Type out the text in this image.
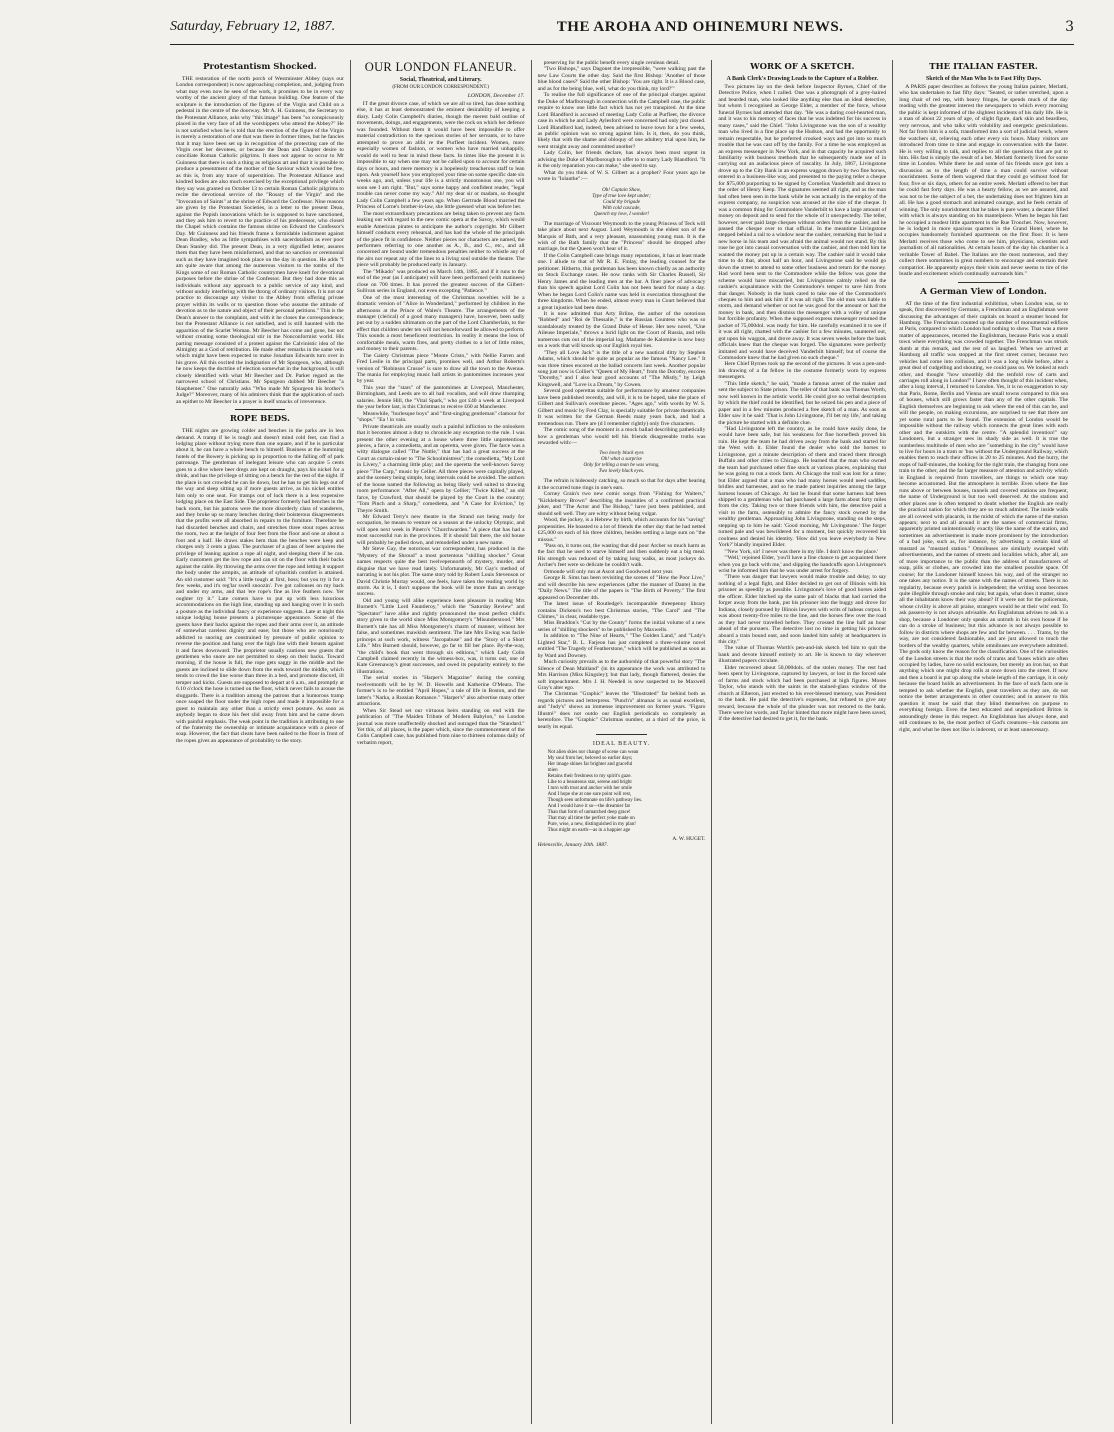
Saturday, February 12, 1887.	THE AROHA AND OHINEMURI NEWS.	3
Protestantism Shocked.

THE restoration of the north porch of Westminster Abbey (says our London correspondent) is now approaching completion, and, judging from what may even now be seen of the work, it promises to be in every way worthy of the ancient glory of that famous building. One feature of the sculpture is the introduction of the figures of the Virgin and Child on a pedestal in the centre of the doorway. Mr A. H. Guinness, the Secretary to the Protestant Alliance, asks why "this image" has been "so conspicuously placed in the very face of all the worshippers who attend the Abbey?" He is not satisfied when he is told that the erection of the figure of the Virgin is merely a restoration of one that was there in former times, but he fancies that it may have been set up in recognition of the protecting care of the Virgin over her devotees, or because the Dean and Chapter desire to conciliate Roman Catholic pilgrims. It does not appear to occur to Mr Guinness that there is such a thing as religious art and that it is possible to produce a presentment of the mother of the Saviour which would be free, as this is, from any trace of superstition. The Protestant Alliance and kindred bodies are also much exercised by the exceptional privilege which they say was granted on October 13 to certain Roman Catholic pilgrims to recite the devotional service of the "Rosary of the Virgin" and the "Invocation of Saints" at the shrine of Edward the Confessor. Nine reasons are given by the Protestant Societies, in a letter to the present Dean, against the Popish innovations which he is supposed to have sanctioned, and they ask him to revert to the practice of his predecessor, who closed the Chapel which contains the famous shrine on Edward the Confessor's Day. Mr Guinness and his friends frame a formidable indictment against Dean Bradley, who as little sympathises with sacerdotalism as ever poor Dean Stanley did. The present Dean, in a very dignified letter, assures them that they have been misinformed, and that no sanction or ceremonial such as they have imagined took place on the day in question. He adds "I am quite aware that among the numerous visitors to the tombs of the Kings some of our Roman Catholic countrymen have knelt for devotional purposes before the shrine of the Confessor. But they had done this as individuals without any approach to a public service of any kind, and without unduly interfering with the throng of ordinary visitors. It is not our practice to discourage any visitor to the Abbey from offering private prayer within its walls or to question those who assume the attitude of devotion as to the nature and object of their personal petitions." This is the Dean's answer to the complaint, and with it he closes the correspondence; but the Protestant Alliance is not satisfied, and is still haunted with the apparition of the Scarlet Woman. Mr Beecher has come and gone, but not without creating some theological stir in the Nonconformist world. His parting message consisted of a protest against the Calvinistic idea of the Almighty as a God of retribution. He made other remarks in the same vein which might have been expected to make Jonathan Edwards turn over in his grave. All this excited the indignation of Mr Spurgeon, who, although he now keeps the doctrine of election somewhat in the background, is still closely identified with what Mr Beecher and Dr. Parker regard as the narrowest school of Christians. Mr Spurgeon dubbed Mr Beecher "a blasphemer." One naturally asks "Who made Mr Spurgeon his brother's Judge?" Moreover, many of his admirers think that the application of such an epithet to Mr Beecher in a prayer is itself smacks of irreverence.

ROPE BEDS.

THE nights are growing colder and benches in the parks are in less demand. A tramp if he is tough and doesn't mind cold feet, can find a lodging place without trying more than one square, and if he is particular about it, he can have a whole bench to himself. Business at the humming hotels of the Bowery is picking up in proportion to the falling off of park patronage. The gentleman of inelegant leisure who can acquire 5 cents goes to a dive where beer dregs are kept on draught, pays his nickel for a drink, and has the privilege of sitting on a bench for the rest of the night. If the place is not crowded he can lie down, but he has to get his legs out of the way and sleep sitting up if more guests arrive, as his nickel entitles him only to one seat. For tramps out of luck there is a less expensive lodging place on the East Side. The proprietor formerly had benches in the back room, but his patrons were the more disorderly class of wanderers, and they broke up so many benches during their boisterous disagreements that the profits were all absorbed in repairs to the furniture. Therefore he had discarded benches and chairs, and stretches three stout ropes across the room, two at the height of four feet from the floor and one at about a foot and a half. He draws stakes hem than the benches were keep and charges only 3 cents a glass. The purchaser of a glass of beer acquires the privilege of leaning against a rope all night, and sleeping there if he can. Early customers get the low rope and can sit on the floor with their backs against the cable. By throwing the arms over the rope and letting it support the body under the armpits, an attitude of sybaritish comfort is attained. An old customer said: "It's a little tough at first, boss; but you try it for a few weeks, and it's reg'lar swell snoozin'. I've got callouses on my back and under my arms, and that 'ere rope's fine as live feathers now. Yer oughter try it." Late comers have to put up with less luxurious accommodations on the high line, standing up and hanging over it in such a posture as the individual fancy or experience suggests. Late at night this unique lodging house presents a picturesque appearance. Some of the guests have their backs against the ropes and their arms over it, an attitude of somewhat careless dignity and ease; but those who are notoriously addicted to snoring are constrained by pressure of public opinion to reverse the position and hang over the high line with their breasts against it and faces downward. The proprietor usually cautions new guests that gentlemen who snore are not permitted to sleep on their backs. Toward morning, if the house is full, the rope gets saggy in the middle and the guests are inclined to slide down from the ends toward the middle, which tends to crowd the line worse than three in a bed, and promote discord, ill temper and kicks. Guests are supposed to depart at 6 a.m., and promptly at 6.10 o'clock the hose is turned on the floor, which never fails to arouse the sluggards. There is a tradition among the patrons that a humorous tramp once soaped the floor under the high ropes and made it impossible for a guest to maintain any other than a strictly erect posture. As soon as anybody began to doze his feet slid away from him and he came down with painful emphasis. The weak point in the tradition is attributing to one of the fraternity the ownership or intimate acquaintance with a piece of soap. However, the fact that cleats have been nailed to the floor in front of the ropes gives an appearance of probability to the story.

OUR LONDON FLANEUR.
Social, Theatrical, and Literary.
(FROM OUR LONDON CORRESPONDENT.)
LONDON, December 17.

IT the great divorce case, of which we are all so tired, has done nothing else, it has at least demonstrated the eminent desirability of keeping a diary. Lady Colin Campbell's diaries, though the merest bald outline of movements, doings, and engagements, were the rock on which her defence was founded. Without them it would have been impossible to offer material contradiction to the specious stories of her servants, or to have attempted to prove an alibi re the Purfleet incident. Women, more especially women of fashion, or women who have married unhappily, would do well to bear in mind these facts. In times like the present it is impossible to say when one may not be called upon to account for certain days or hours, and mere memory is a hopelessly treacherous staff to lean upon. Ask yourself how you employed your time on some specific date six weeks ago, and, unless your life is a strictly monotonous one, you will soon see I am right. "But," says some happy and confident reader, "legal trouble can never come my way." Ah! my dear sir or madam, so thought Lady Colin Campbell a few years ago. When Gertrude Blood married the Princess of Lorne's brother-in-law, she little guessed what was before her.

The most extraordinary precautions are being taken to prevent any facts leaking out with regard to the new comic opera at the Savoy, which would enable American pirates to anticipate the author's copyright. Mr Gilbert himself conducts every rehearsal, and has had the whole of the principals of the piece fit in confidence. Neither pieces nor characters are named, the performers referring to one another as A., B., and C., etc., and all concerned are bound under tremendous penalties neither to whistle any of the airs nor repeat any of the lines to a living soul outside the theatre. The piece will probably be produced early in January.

The "Mikado" was produced on March 14th, 1885, and if it runs to the end of the year (as I anticipate) will have been performed (with matinees) close on 700 times. It has proved the greatest success of the Gilbert-Sullivan series in England, not even excepting "Patience."

One of the most interesting of the Christmas novelties will be a dramatic version of "Alice in Wonderland," performed by children in the afternoons at the Prince of Wales's Theatre. The arrangements of the manager (clerical) of a good many managers) have, however, been sadly put out by a sudden ultimatum on the part of the Lord Chamberlain, to the effect that children under ten will not henceforward be allowed to perform. This sounds a most beneficent restriction. In reality it means the loss of comfortable meals, warm fires, and pretty clothes to a lot of little mites, and money to their parents.

The Gaiety Christmas piece "Monte Cristo," with Nellie Farren and Fred Leslie in the principal parts, promises well, and Arthur Roberts's version of "Robinson Crusoe" is sure to draw all the town to the Avenue. The mania for employing music hall artists in pantomimes increases year by year.

This year the "stars" of the pantomimes at Liverpool, Manchester, Birmingham, and Leeds are to all hail vocalists, and will draw thumping salaries. Jennie Hill, the "Vital Spark," who got £40 a week at Liverpool the year before last, is this Christmas to receive £60 at Manchester.

Meanwhile, "burlesque boys" and "first-singing gentleman" clamour for "shops." "Ea ! in vain.

Private theatricals are usually such a painful infliction to the onlookers that it becomes almost a duty to chronicle any exception to the rule. I was present the other evening at a house where three little unpretentious pieces, a farce, a comedietta, and an operetta, were given. The farce was a witty dialogue called "The Nuttle," that has had a great success at the Court as curtain-raiser to "The Schoolmistress"; the comedietta, "My Lord in Livery," a charming little play; and the operetta the well-known Savoy piece "The Carp," music by Cellier. All three pieces were capitally played, and the scenery being simple, long intervals could be avoided. The authors of the house named the following as being likely well suited to drawing room performance: "After All," opera by Cellier; "Twice Killed," an old farce, by Crawford, that should be played by the Court in the country; "Tom Pinch and a Sharp," comedietta, and "A Case for Eviction," by Theyre Smith.

Mr Edward Terry's new theatre in the Strand not being ready for occupation, he means to venture on a season at the unlucky Olympic, and will open next week in Pinero's "Churchwarden." A piece that has had a most successful run in the provinces. If it should fail there, the old house will probably be pulled down, and remodelled under a new name.

Mr Steve Gay, the notorious war correspondent, has produced in the "Mystery of the Shroud" a most portentous "shilling shocker." Great names respects quite the best twelvepennorth of mystery, murder, and disguise that we have read lately. Unfortunately, Mr Gay's method of narrating is not his plot. The same story told by Robert Louis Stevenson or David Christie Murray would, one feels, have taken the reading world by storm. As it is, I don't suppose the book will be more than an average success.

Old and young will alike experience keen pleasure in reading Mrs Burnett's "Little Lord Fauntleroy," which the "Saturday Review" and "Spectator" have alike and rightly pronounced the most perfect child's story given to the world since Miss Montgomery's "Misunderstood." Mrs Burnett's tale has all Miss Montgomery's charm of manner, without her false, and sometimes mawkish sentiment. The late Mrs Ewing was facile princeps at such work, witness "Jacopabuse" and the "Story of a Short Life." Mrs Burnett should, however, go far to fill her place. By-the-way, "the child's book that went through six editions," which Lady Colin Campbell claimed recently in the witness-box, was, it turns out, one of Kate Greenaway's great successes, and owed its popularity entirely to the illustrations.

The serial stories in "Harper's Magazine" during the coming twelvemonth will be by W. D. Howells and Katherine O'Meara. The former's is to be entitled "April Hopes," a tale of life in Boston, and the latter's "Narka, a Russian Romance." "Harper's" also advertise many other attractions.

When Sir Stead set our virtuous heirs standing on end with the publication of "The Maiden Tribute of Modern Babylon," no London journal was more unaffectedly shocked and outraged than the "Standard." Yet this, of all places, is the paper which, since the commencement of the Colin Campbell case, has published from nine to thirteen columns daily of verbatim report,

preserving for the public benefit every single cerulean detail.

"Two Bishops," says Dagonet the irrepressible, "were walking past the new Law Courts the other day. Said the first Bishop: 'Another of those blue blood cases?' Said the other Bishop: 'You are right. It is a Blood case, and as for the being blue, well, what do you think, my lord?'"

To realise the full significance of one of the principal charges against the Duke of Marlborough in connection with the Campbell case, the public require to know one little fact which has not yet transpired. At the time Lord Blandford is accused of meeting Lady Colin at Purfleet, the divorce case in which he and Lady Aylesford were concerned had only just closed. Lord Blandford had, indeed, been advised to leave town for a few weeks, as public opinion was so strong against him. Is it, then, do you think, likely that with the shame and obloquy of one adultery trial upon him, he went straight away and committed another?

Lady Colin, her friends declare, has always been most urgent in advising the Duke of Marlborough to offer to to marry Lady Blandford. "It is the only reparation you can make," she used to say.

What do you think of W. S. Gilbert as a prophet? Four years ago he wrote in "Iolanthe":—

Oh! Captain Shaw,
Type of true love kept under;
Could thy brigade
With cold cascade,
Quench my love, I wonder!

The marriage of Viscount Weymouth to the young Princess of Teck will take place about next August. Lord Weymouth is the eldest son of the Marquis of Bath, and a very pleasant, unassuming young man. It is the wish of the Bath family that the "Princess" should be dropped after marriage, but the Queen won't hear of it.

If the Colin Campbell case brings many reputations, it has at least made one. I allude to that of Mr R. E. Finlay, the leading counsel for the petitioner. Hitherto, this gentleman has been known chiefly as an authority on Stock Exchange cases. He now ranks with Sir Charles Russell, Sir Henry James and the leading men at the bar. A finer piece of advocacy than his speech against Lord Colin has not been heard for many a day. When he began Lord Colin's name was held in execration throughout the three kingdoms. When he ended, almost every man in Court believed that a great injustice had been done.

It is now admitted that Arty Brline, the author of the notorious "Robbed" and "Roi de Thessalie," is the Russian Countess who was so scandalously treated by the Grand Duke of Hesse. Her new novel, "Une Aileuse Imperiale," throws a lurid light on the Court of Russia, and tells numerous cuts out of the imperial log. Madame de Kalomine is now busy on a work that will knock up our English royal ties.

"They all Love Jack" is the title of a new nautical ditty by Stephen Adams, which should be quite as popular as the famous "Nancy Lee." It was three times encored at the ballad concerts last week. Another popular song just now is Collier's "Queen of My Heart," from the Dorothy, encores "Dorothy," and I also hear good accounts of "The Mistly," by Leigh Kingswell, and "Love is a Dream," by Cowen.

Several good operettas suitable for performance by amateur companies have been published recently, and will, it is to be hoped, take the place of Gilbert and Sullivan's overdone pieces. "Ages ago," with words by W. S. Gilbert and music by Fred Clay, is specially suitable for private theatricals. It was written for the German Reeds many years back, and had a tremendous run. There are (d I remember rightly) only five characters.

The comic song of the moment is a mock ballad describing pathetically how a gentleman who would tell his friends disagreeable truths was rewarded with:—

Two lovely black eyes
Oh! what a surprise
Only for telling a man he was wrong,
Two lovely black eyes.

The refrain is hideously catching, so much so that for days after hearing it the occurred tune rings in one's ears.

Corney Grain's two new comic songs from "Fishing for Waiters," "Kickleburry Brown" describing the insanities of a confirmed practical joker, and "The Actor and The Bishop," have just been published, and should sell well. They are witty without being vulgar.

Wood, the jockey, is a Hebrew by birth, which accounts for his "saving" propensities. He boasted to a lot of friends the other day that he had netted £25,000 on each of his three children, besides settling a large sum on "the missus."

"Pass on, it turns out, the wasting that did poor Archer so much harm as the fact that he used to starve himself and then suddenly eat a big meal. His strength was reduced of by taking long walks, as most jockeys do. Archer's feet were so delicate he couldn't walk.

Ormonde will only run at Ascot and Goodwood next year.

George R. Sims has been revisiting the scenes of "How the Poor Live," and will describe his new experiences (after the manner of Dante) in the "Daily News." The title of the papers is "The Birth of Poverty." The first appeared on December 4th.

The latest issue of Routledge's incomparable threepenny library contains Dickens's two best Christmas stories, "The Carol" and "The Chimes," in clear, readable type.

Miss Braddon's "Cut by the County" forms the initial volume of a new series of "shilling shockers" to be published by Maxwells.

In addition to "The Nine of Hearts," "The Golden Land," and "Lady's Lighted Star," B. L. Farjeon has just completed a three-volume novel entitled "The Tragedy of Featherstone," which will be published as soon as by Ward and Downey.

Much curiosity prevails as to the authorship of that powerful story "The Silence of Dean Maitland" (in its appearance the work was attributed to Mrs Harrison (Miss Kingsley); but that lady, though flattered, denies the soft impeachment. Mrs J. H. Needell is now suspected to be Maxwell Gray's alter ego.

The Christmas "Graphic" leaves the "Illustrated" far behind both as regards pictures and letterpress. "Punch's" almanac is as usual excellent, and "Judy's" shows an immense improvement on former years. "Figaro Illustré" does not outdo our English periodicals so completely as heretofore. The "Graphic" Christmas number, at a third of the price, is nearly its equal.

IDEAL BEAUTY.
Not alien skies nor change of scene can wean
My soul from her, beloved so earlier days;
Her image shines far brighter and graceful
mien
Retains their freshness to my spirit's gaze.
Like to a beauteous star, serene and bright
I turn with trust and anchor with her smile
And I hope she at one sure point will rest,
Though seen unfortunate on life's pathway lies.
And I would have it so—the dreamier far
Than that form of unmatched deep grace!
That may all time the perfect yoke made on
Pure, wise, a new, distinguished in my plan!
Thus might on earth—as in a happier age
A. W. HUGET.
Helensville, January 20th. 1887.
WORK OF A SKETCH.
A Bank Clerk's Drawing Leads to the Capture of a Robber.

Two pictures lay on the desk before Inspector Byrnes, Chief of the Detective Police, when I called. One was a photograph of a grey-haired and bearded man, who looked like anything else than an ideal detective, but whom I recognised as George Elder, a member of the force, whose funeral Byrnes had attended that day. "He was a daring cool-hearted man, and it was to his memory of faces that he was indebted for his success in many cases," said the Chief. "John Livingstone was the son of a wealthy man who lived in a fine place up the Hudson, and had the opportunity to remain respectable, but he preferred crooked ways and got into so much trouble that he was cast off by the family. For a time he was employed as an express messenger in New York, and in that capacity he acquired such familiarity with business methods that he subsequently made use of in carrying out an audacious piece of rascality. In July, 1867, Livingstone drove up to the City Bank in an express waggon drawn by two fine horses, entered in a business-like way, and presented to the paying teller a cheque for $75,000 purporting to be signed by Cornelius Vanderbilt and drawn to the order of Henry Keep. The signatures seemed all right, and as the man had often been seen in the bank while he was actually in the employ of the express company, no suspicion was aroused at the size of the cheque. It was a common thing for Commodore Vanderbilt to have a large amount of money on deposit and to send for the whole of it unexpectedly. The teller, however, never paid large cheques without orders from the cashier, and he passed the cheque over to that official. In the meantime Livingstone stepped behind a rail to a window near the cashier, remarking that he had a new horse in his team and was afraid the animal would not stand. By this ruse he got into casual conversation with the cashier, and then told him he wanted the money put up in a certain way. The cashier said it would take time to do that, about half an hour, and Livingstone said he would go down the street to attend to some other business and return for the money. Had word been sent to the Commodore while the fellow was gone the scheme would have miscarried, but Livingstone calmly relied on the cashier's acquaintance with the Commodore's temper to save him from that danger. Nobody in the bank cared to take one of the Commodore's cheques to him and ask him if it was all right. The old man was liable to storm, and demand whether or not he was good for the amount or had the money in bank, and then dismiss the messenger with a volley of unique but forcible profanity. When the supposed express messenger returned the packet of 75,000dol. was ready for him. He carefully examined it to see if it was all right, chatted with the cashier for a few minutes, sauntered out, got upon his waggon, and drove away. It was seven weeks before the bank officials knew that the cheque was forged. The signatures were perfectly imitated and would have deceived Vanderbilt himself; but of course the Commodore knew that he had given no such cheque."

Here Chief Byrnes took up the second of the pictures. It was a pen-and-ink drawing of a fat fellow in the costume formerly worn by express messengers.

"This little sketch," he said, "made a famous arrest of the maker and sent the subject to State prison. The teller of that bank was Thomas Worth, now well known in the artistic world. He could give no verbal description by which the thief could be identified, but he seized his pen and a piece of paper and in a few minutes produced a free sketch of a man. As soon as Elder saw it he said: 'That is John Livingstone, I'll bet my life,' and taking the picture he started with a definite clue.

"Had Livingstone left the country, as he could have easily done, he would have been safe, but his weakness for fine horseflesh proved his ruin. He kept the team he had driven away from the bank and started for the West with it. Elder found the dealer who sold the horses to Livingstone, got a minute description of them and traced them through Buffalo and other cities to Chicago. He learned that the man who owned the team had purchased other fine stock at various places, explaining that he was going to run a stock farm. At Chicago the trail was lost for a time; but Elder argued that a man who had many horses would need saddles, bridles and harnesses, and so he made patient inquiries among the large harness houses of Chicago. At last he found that some harness had been shipped to a gentleman who had purchased a large farm about forty miles from the city. Taking two or three friends with him, the detective paid a visit to the farm, ostensibly to admire the fancy stock owned by the wealthy gentleman. Approaching John Livingstone, standing on the steps, stepping up to him he said: 'Good morning, Mr Livingstone.' The forger turned pale and was bewildered for a moment, but quickly recovered his coolness and denied his identity. 'How did you leave everybody in New York?' blandly inquired Elder.

"'New York, sir! I never was there in my life. I don't know the place.'

"'Well,' rejoined Elder, 'you'll have a fine chance to get acquainted there when you go back with me,' and slipping the handcuffs upon Livingstone's wrist he informed him that he was under arrest for forgery.

"There was danger that lawyers would make trouble and delay, to say nothing of a legal fight, and Elder decided to get out of Illinois with his prisoner as speedily as possible. Livingstone's love of good horses aided the officer. Elder hitched up the same pair of blacks that had carried the forger away from the bank, put his prisoner into the buggy and drove for Indiana, closely pursued by Illinois lawyers with writs of habeas corpus. It was about twenty-five miles to the line, and the horses flew over the road as they had never travelled before. They crossed the line half an hour ahead of the pursuers. The detective lost no time in getting his prisoner aboard a train bound east, and soon landed him safely at headquarters in this city."

The value of Thomas Worth's pen-and-ink sketch led him to quit the bank and devote himself entirely to art. He is known to day wherever illustrated papers circulate.

Elder recovered about 50,000dols. of the stolen money. The rest had been spent by Livingstone, captured by lawyers, or lost in the forced sale of farms and stock which had been purchased at high figures. Moses Taylor, who stands with the saints in the stained-glass window of the church at Elberon, just erected to his ever-blessed memory, was President to the bank. He paid the detective's expenses, but refused to give any reward, because the whole of the plunder was not restored to the bank. There were hot words, and Taylor hinted that more might have been saved, if the detective had desired to get it, for the bank.

THE ITALIAN FASTER.
Sketch of the Man Who Is to Fast Fifty Days.

A PARIS paper describes as follows the young Italian painter, Merlatti, who has undertaken to fast fifty days: "Seated, or rather stretched, upon a long chair of red rep, with heavy fringes, he spends much of the day reading with the greatest interest the newspapers to which every morning the public is kept informed of the slightest incidents of his daily life. He is a man of about 22 years of age, of slight figure, dark skin and beardless, very nervous, and who talks with volubility and energetic gesticulations. Not far from him is a sofa, transformed into a sort of judicial bench, where the watchers sit, relieving each other every six hours. Many visitors are introduced from time to time and engage in conversation with the faster. He is very willing to talk, and replies to all the questions that are put to him. His fast is simply the result of a bet. Merlatti formerly lived for some time in London. While there he and some of his friends once got into a discussion as to the length of time a man could survive without nourishment. Some of them wagered that they could go without food for four, five or six days, others for an entire week. Merlatti offered to bet that he could fast forty days. He was a hearty fellow, as we are assured, and was not to be the subject of a bet, the undertaking does not frighten him at all. He has a good stomach and animated courage, and he feels certain of winning. The only nourishment that he takes is pure water, a decanter filled with which is always standing on his mantelpiece. When he began his fast he occupied a modest little apartment in the Rue Tronchet. Now, however, he is lodged in more spacious quarters in the Grand Hotel, where he occupies handsomely furnished apartments on the first floor. It is here Merlatti receives those who come to see him, physicians, scientists and journalists of all nationalities. At certain hours of the day his chamber is a veritable Tower of Babel. The Italians are the most numerous, and they collect there sometimes in great numbers to encourage and entertain their compatriot. He apparently enjoys their visits and never seems to tire of the bustle and excitement which continually surrounds him."

A German View of London.

AT the time of the first industrial exhibition, when London was, so to speak, first discovered by Germans, a Frenchman and an Englishman were discussing the advantages of their capitals on board a steamer bound for Hamburg. The Frenchman counted up the number of monumental edifices at Paris, compared to which London had nothing to show. That was a mere matter of appearances, retorted the Englishman, because Paris was a small town where everything was crowded together. The Frenchman was struck dumb at this remark, and the rest of us laughed. When we arrived at Hamburg all traffic was stopped at the first street corner, because two vehicles had come into collision, and it was a long while before, after a great deal of cudgelling and shouting, we could pass on. We looked at each other, and thought "how smoothly did the tenfold row of carts and carriages roll along in London!" I have often thought of this incident when, after a long interval, I returned to London. Yes, it is no exaggeration to say that Paris, Rome, Berlin and Vienna are small towns compared to this sea of houses, which still grows faster than any of the other capitals. The English themselves are beginning to ask where the end of this can be, and will the people, on making excursions, are surprised to see that there are yet some rural parts to be found. The extension of London would be impossible without the railway which connects the great lines with each other and the outskirts with the centre. "A splendid invention!" say Londoners, but a stranger sees its shady side as well. It is true the numberless multitude of men who are "something in the city" would have to live for hours in a tram or 'bus without the Underground Railway, which enables them to reach their offices in 20 to 25 minutes. And the hurry, the stops of half-minutes, the looking for the right train, the changing from one train to the other, and the far larger measure of attention and activity which in England is required from travellers, are things to which one may become accustomed. But the atmosphere is terrible. Even where the line runs above or between houses, tunnels and covered stations are frequent, the name of Underground is but too well deserved. At the stations and other places one is often tempted to doubt whether the English are really the practical nation for which they are so much admired. The inside walls are all covered with placards, in the midst of which the name of the station appears; next to and all around it are the names of commercial firms, apparently printed unintentionally exactly like the name of the station, and sometimes an advertisement is made more prominent by the introduction of a bad joke, such as, for instance, by advertising a certain kind of mustard as "mustard station." Omnibuses are similarly swamped with advertisements, and the names of streets and localities which, after all, are of more importance to the public than the address of manufacturers of soap, pills or clothes, are crowded into the smallest possible space. Of course; for the Londoner himself knows his way, and of the stranger no one takes any notice. It is the same with the names of streets. There is no regularity, because every parish is independent; the writing soon becomes quite illegible through smoke and rain; but again, what does it matter, since all the inhabitants know their way about? If it were not for the policeman, whose civility is above all praise, strangers would be at their wits' end. To ask passers-by is not always advisable. An Englishman advises to ask in a shop, because a Londoner only speaks an untruth in his own house if he can do a stroke of business; but this advance is not always possible to follow in districts where shops are few and far between. . . . Trams, by the way, are not considered fashionable, and are just allowed to touch the borders of the wealthy quarters, while omnibuses are everywhere admitted. The gods only know the reason for the classification. One of the curiosities of the London streets is that the roofs of trams and 'buses which are often occupied by ladies, have no solid enclosure, but merely an iron bar, so that anything which one might drop rolls at once down into the street. If now and then a board is put up along the whole length of the carriage, it is only because the board holds an advertisement. In the face of such facts one is tempted to ask whether the English, great travellers as they are, do not notice the better arrangements in other countries; and in answer to this question it must be said that they blind themselves on purpose to everything foreign. Even the best educated and unprejudiced Briton is astoundingly dense in this respect. An Englishman has always done, and still continues to be, the most perfect of God's creatures—his customs are right, and what he does not like is indecent, or at least unnecessary.
